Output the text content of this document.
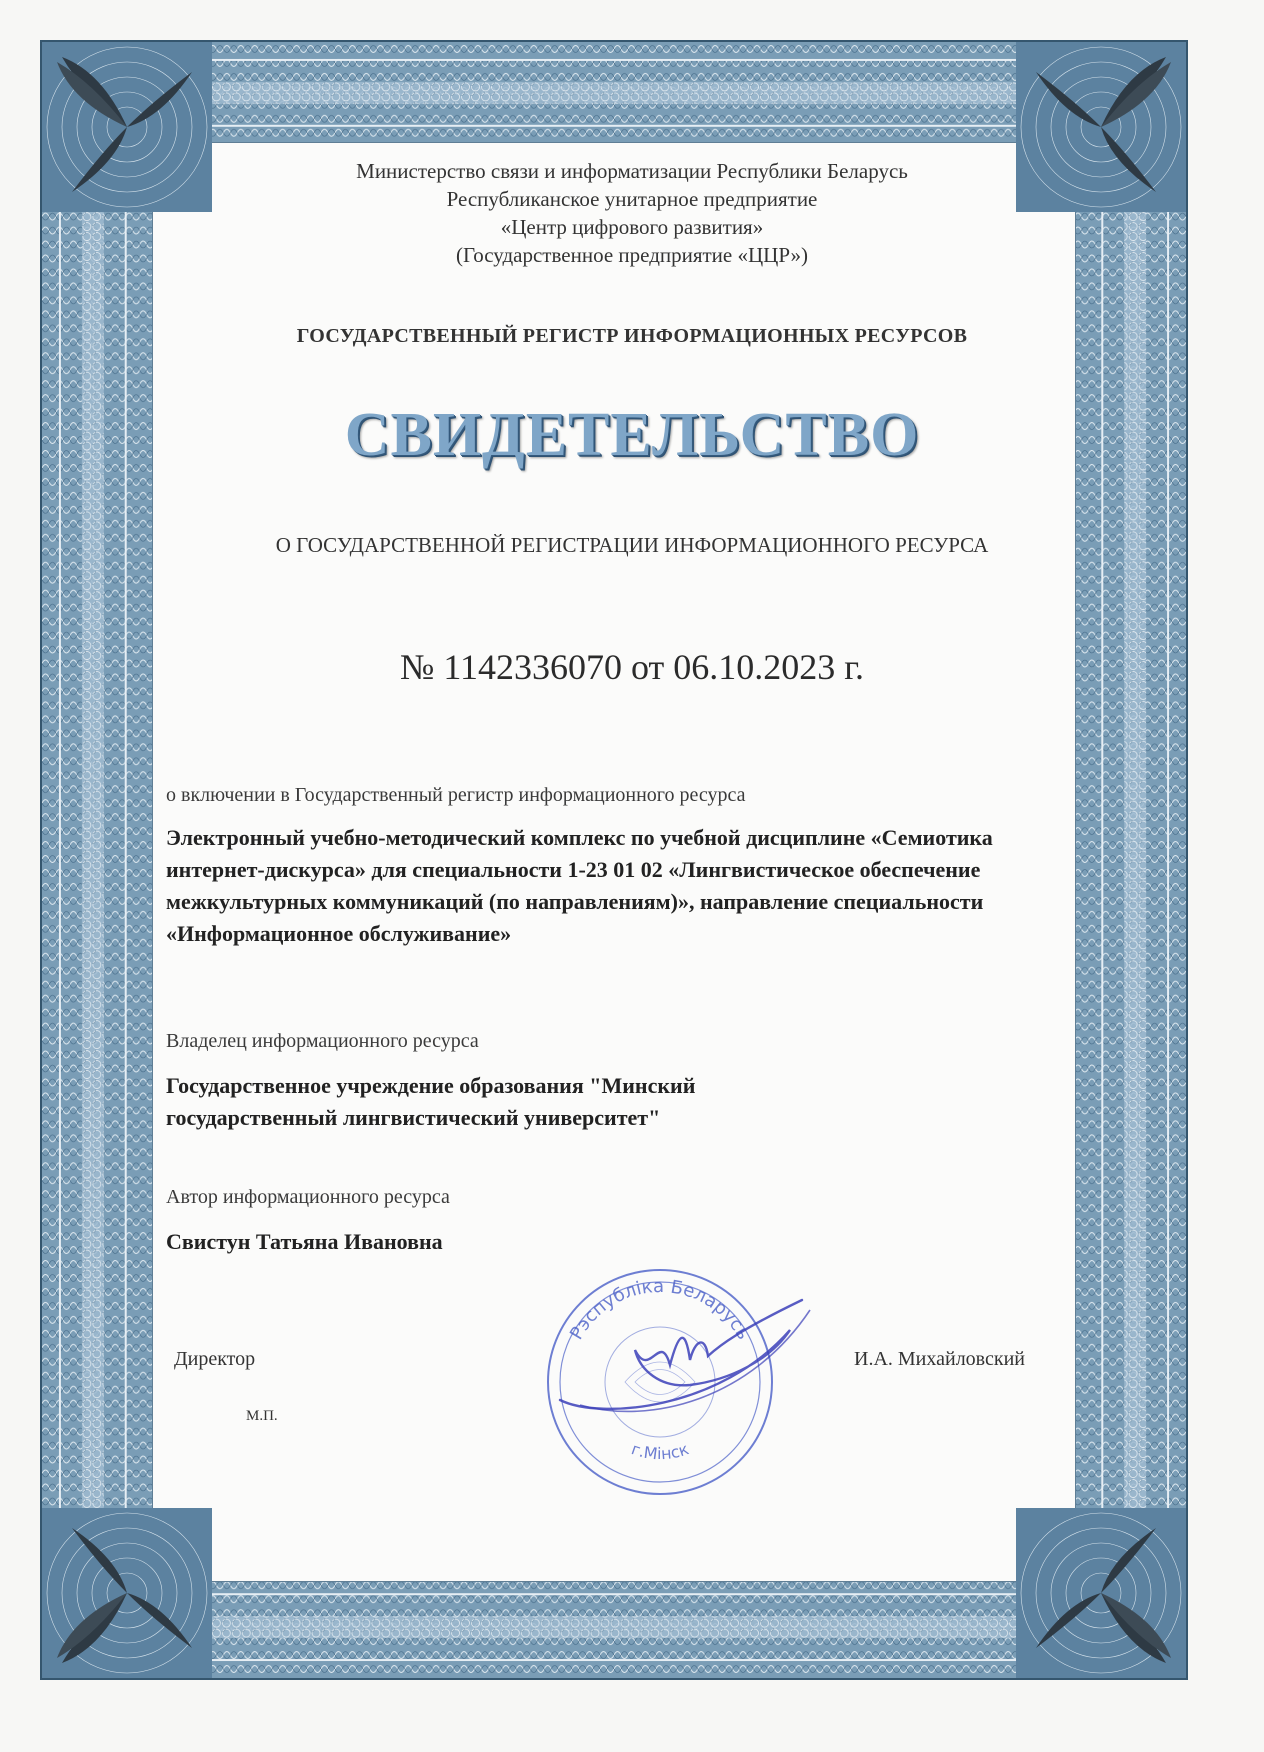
Министерство связи и информатизации Республики Беларусь
Республиканское унитарное предприятие
«Центр цифрового развития»
(Государственное предприятие «ЦЦР»)
ГОСУДАРСТВЕННЫЙ РЕГИСТР ИНФОРМАЦИОННЫХ РЕСУРСОВ
СВИДЕТЕЛЬСТВО
О ГОСУДАРСТВЕННОЙ РЕГИСТРАЦИИ ИНФОРМАЦИОННОГО РЕСУРСА
№ 1142336070 от 06.10.2023 г.
о включении в Государственный регистр информационного ресурса
Электронный учебно-методический комплекс по учебной дисциплине «Семиотика интернет-дискурса» для специальности 1-23 01 02 «Лингвистическое обеспечение межкультурных коммуникаций (по направлениям)», направление специальности «Информационное обслуживание»
Владелец информационного ресурса
Государственное учреждение образования "Минский государственный лингвистический университет"
Автор информационного ресурса
Свистун Татьяна Ивановна
Директор	И.А. Михайловский
М.П.
Рэспубліка Беларусь
г.Мінск
